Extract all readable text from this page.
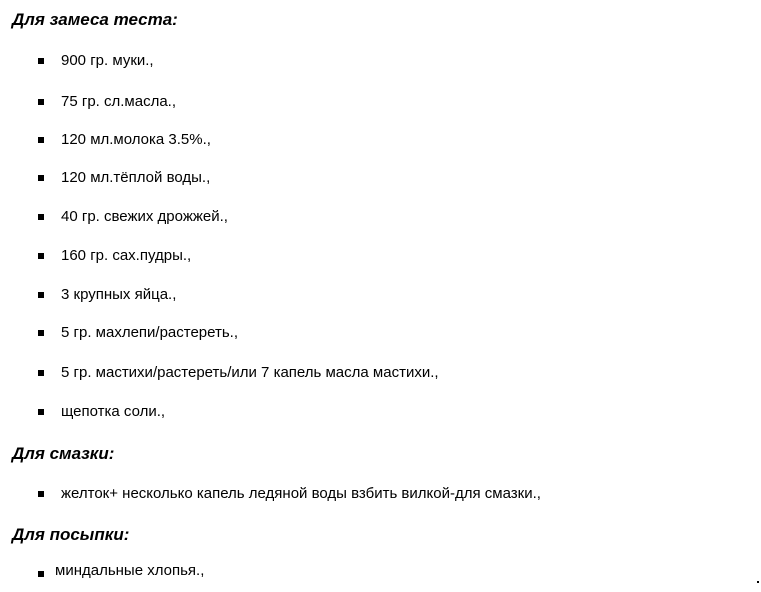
Для замеса теста:
900 гр. муки.,
75 гр. сл.масла.,
120 мл.молока 3.5%.,
120 мл.тёплой воды.,
40 гр. свежих дрожжей.,
160 гр. сах.пудры.,
3 крупных яйца.,
5 гр. махлепи/растереть.,
5 гр. мастихи/растереть/или 7 капель масла мастихи.,
щепотка соли.,
Для смазки:
желток+ несколько капель ледяной воды взбить вилкой-для смазки.,
Для посыпки:
миндальные хлопья.,
